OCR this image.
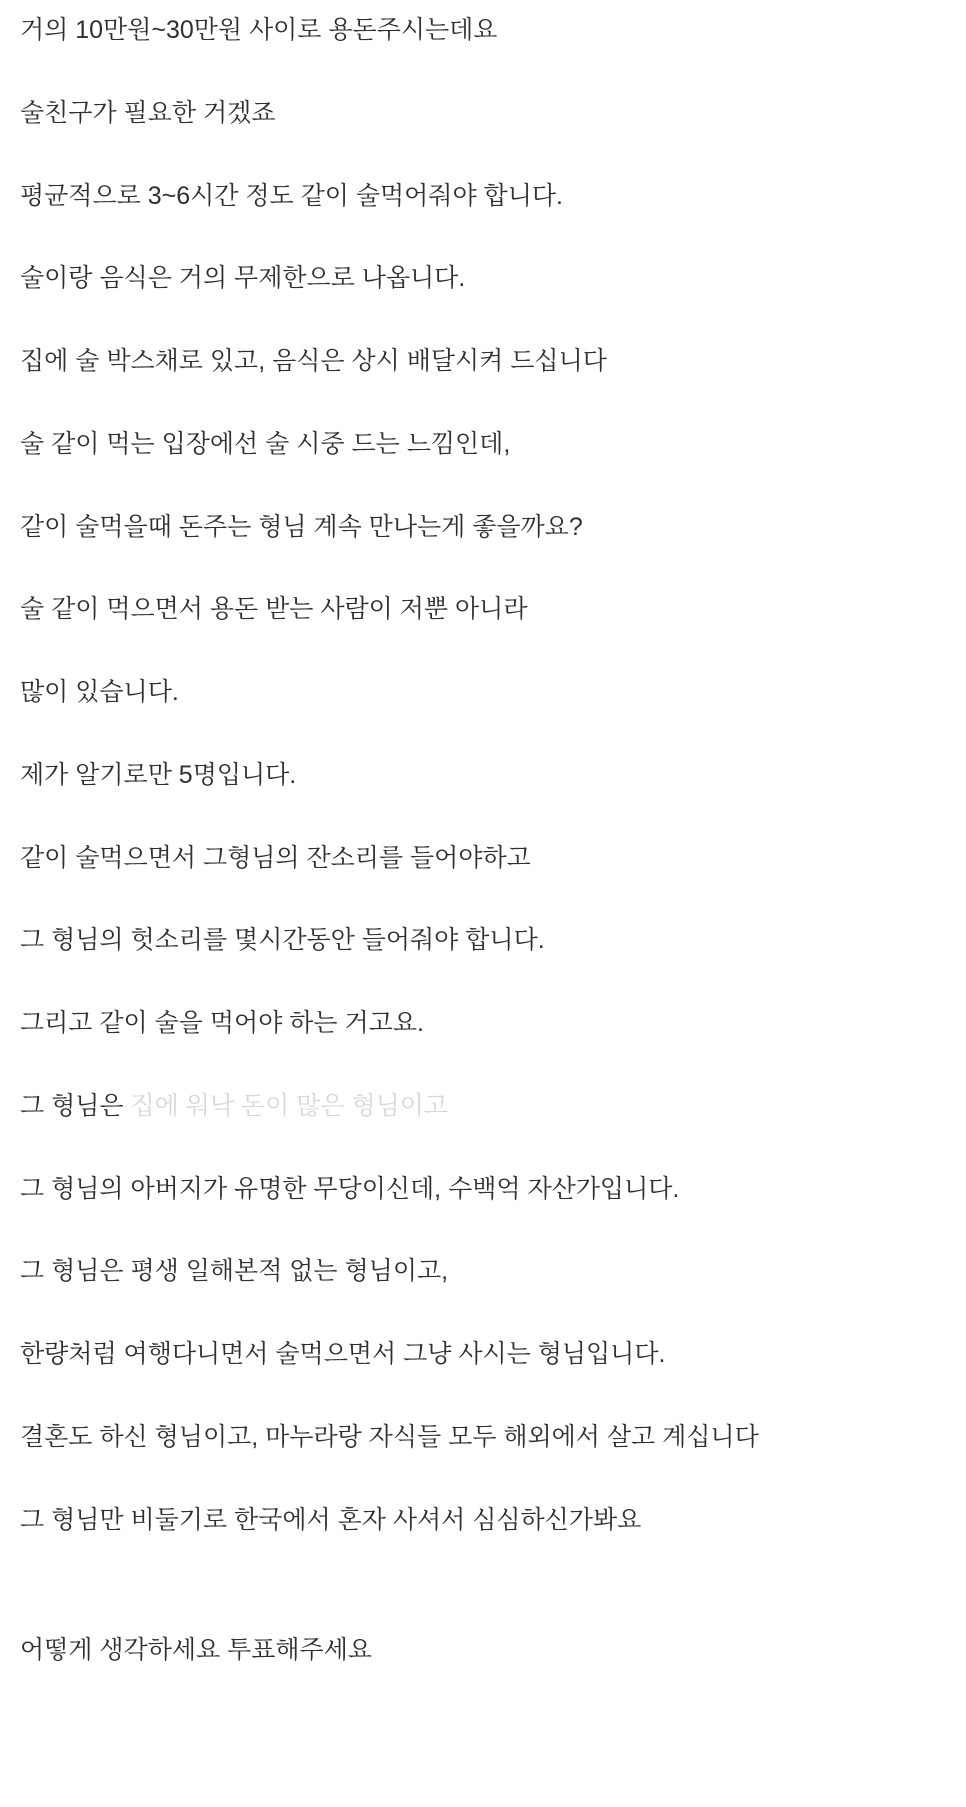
거의 10만원~30만원 사이로 용돈주시는데요

술친구가 필요한 거겠죠

평균적으로 3~6시간 정도 같이 술먹어줘야 합니다.

술이랑 음식은 거의 무제한으로 나옵니다.

집에 술 박스채로 있고, 음식은 상시 배달시켜 드십니다

술 같이 먹는 입장에선 술 시중 드는 느낌인데,

같이 술먹을때 돈주는 형님 계속 만나는게 좋을까요?

술 같이 먹으면서 용돈 받는 사람이 저뿐 아니라

많이 있습니다.

제가 알기로만 5명입니다.

같이 술먹으면서 그형님의 잔소리를 들어야하고

그 형님의 헛소리를 몇시간동안 들어줘야 합니다.

그리고 같이 술을 먹어야 하는 거고요.

그 형님은 집에 워낙 돈이 많은 형님이고

그 형님의 아버지가 유명한 무당이신데, 수백억 자산가입니다.

그 형님은 평생 일해본적 없는 형님이고,

한량처럼 여행다니면서 술먹으면서 그냥 사시는 형님입니다.

결혼도 하신 형님이고, 마누라랑 자식들 모두 해외에서 살고 계십니다

그 형님만 비둘기로 한국에서 혼자 사셔서 심심하신가봐요

어떻게 생각하세요 투표해주세요
